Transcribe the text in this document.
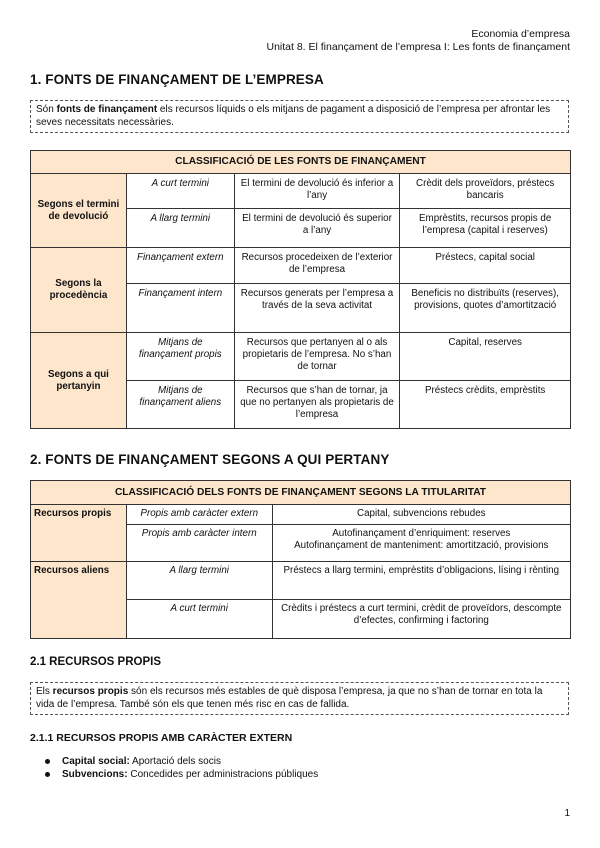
Economia d’empresa
Unitat 8. El finançament de l’empresa I: Les fonts de finançament
1. FONTS DE FINANÇAMENT DE L’EMPRESA
Són fonts de finançament els recursos líquids o els mitjans de pagament a disposició de l’empresa per afrontar les seves necessitats necessàries.
CLASSIFICACIÓ DE LES FONTS DE FINANÇAMENT			
Segons el termini de devolució	A curt termini	El termini de devolució és inferior a l’any	Crèdit dels proveïdors, préstecs bancaris
	A llarg termini	El termini de devolució és superior a l’any	Emprèstits, recursos propis de l’empresa (capital i reserves)
Segons la procedència	Finançament extern	Recursos procedeixen de l’exterior de l’empresa	Préstecs, capital social
	Finançament intern	Recursos generats per l’empresa a través de la seva activitat	Beneficis no distribuïts (reserves), provisions, quotes d’amortització
Segons a qui pertanyin	Mitjans de finançament propis	Recursos que pertanyen al o als propietaris de l’empresa. No s’han de tornar	Capital, reserves
	Mitjans de finançament aliens	Recursos que s’han de tornar, ja que no pertanyen als propietaris de l’empresa	Préstecs crèdits, emprèstits
2. FONTS DE FINANÇAMENT SEGONS A QUI PERTANY
CLASSIFICACIÓ DELS FONTS DE FINANÇAMENT SEGONS LA TITULARITAT		
Recursos propis	Propis amb caràcter extern	Capital, subvencions rebudes
	Propis amb caràcter intern	Autofinançament d’enriquiment: reserves
Autofinançament de manteniment: amortització, provisions
Recursos aliens	A llarg termini	Préstecs a llarg termini, emprèstits d’obligacions, lísing i rènting
	A curt termini	Crèdits i préstecs a curt termini, crèdit de proveïdors, descompte d’efectes, confirming i factoring
2.1 RECURSOS PROPIS
Els recursos propis són els recursos més estables de què disposa l’empresa, ja que no s’han de tornar en tota la vida de l’empresa. També són els que tenen més risc en cas de fallida.
2.1.1 RECURSOS PROPIS AMB CARÀCTER EXTERN
Capital social: Aportació dels socis
Subvencions: Concedides per administracions públiques
1
